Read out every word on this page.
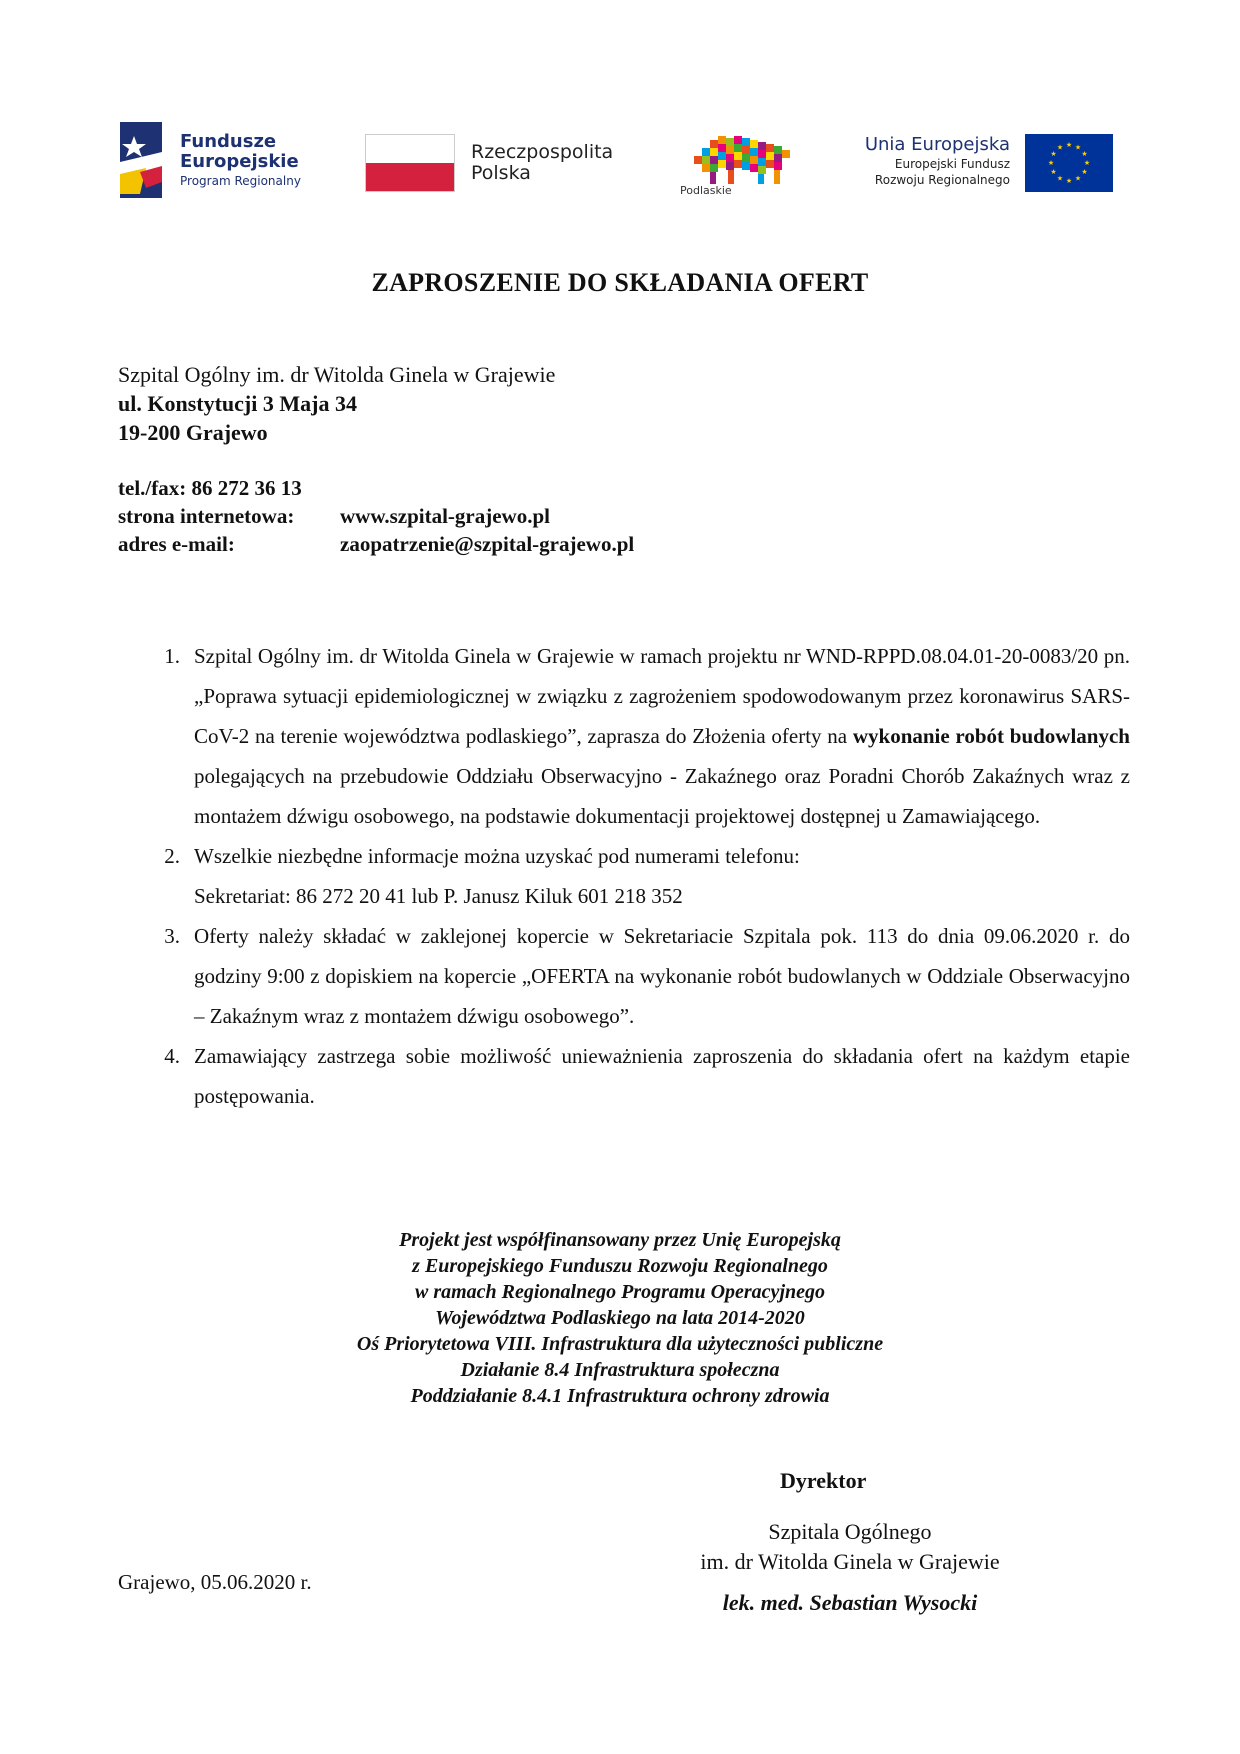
Fundusze
Europejskie
Program Regionalny
Rzeczpospolita
Polska
Podlaskie
Unia Europejska
Europejski Fundusz
Rozwoju Regionalnego
★ ★
★
★
★
★
★
★
★
★
★
★
ZAPROSZENIE DO SKŁADANIA OFERT
Szpital Ogólny im. dr Witolda Ginela w Grajewie
ul. Konstytucji 3 Maja 34
19-200 Grajewo
tel./fax: 86 272 36 13
strona internetowa: www.szpital-grajewo.pl
adres e-mail:	zaopatrzenie@szpital-grajewo.pl
1. Szpital Ogólny im. dr Witolda Ginela w Grajewie w ramach projektu nr WND-RPPD.08.04.01-20-0083/20 pn. „Poprawa sytuacji epidemiologicznej w związku z zagrożeniem spodowodowanym przez koronawirus SARS-CoV-2 na terenie województwa podlaskiego”, zaprasza do Złożenia oferty na wykonanie robót budowlanych polegających na przebudowie Oddziału Obserwacyjno - Zakaźnego oraz Poradni Chorób Zakaźnych wraz z montażem dźwigu osobowego, na podstawie dokumentacji projektowej dostępnej u Zamawiającego.
2. Wszelkie niezbędne informacje można uzyskać pod numerami telefonu:
Sekretariat: 86 272 20 41 lub P. Janusz Kiluk 601 218 352
3. Oferty należy składać w zaklejonej kopercie w Sekretariacie Szpitala pok. 113 do dnia 09.06.2020 r. do godziny 9:00 z dopiskiem na kopercie „OFERTA na wykonanie robót budowlanych w Oddziale Obserwacyjno – Zakaźnym wraz z montażem dźwigu osobowego”.
4. Zamawiający zastrzega sobie możliwość unieważnienia zaproszenia do składania ofert na każdym etapie postępowania.
Projekt jest współfinansowany przez Unię Europejską
z Europejskiego Funduszu Rozwoju Regionalnego
w ramach Regionalnego Programu Operacyjnego
Województwa Podlaskiego na lata 2014-2020
Oś Priorytetowa VIII. Infrastruktura dla użyteczności publiczne
Działanie 8.4 Infrastruktura społeczna
Poddziałanie 8.4.1 Infrastruktura ochrony zdrowia
Dyrektor
Szpitala Ogólnego
im. dr Witolda Ginela w Grajewie
lek. med. Sebastian Wysocki
Grajewo, 05.06.2020 r.
